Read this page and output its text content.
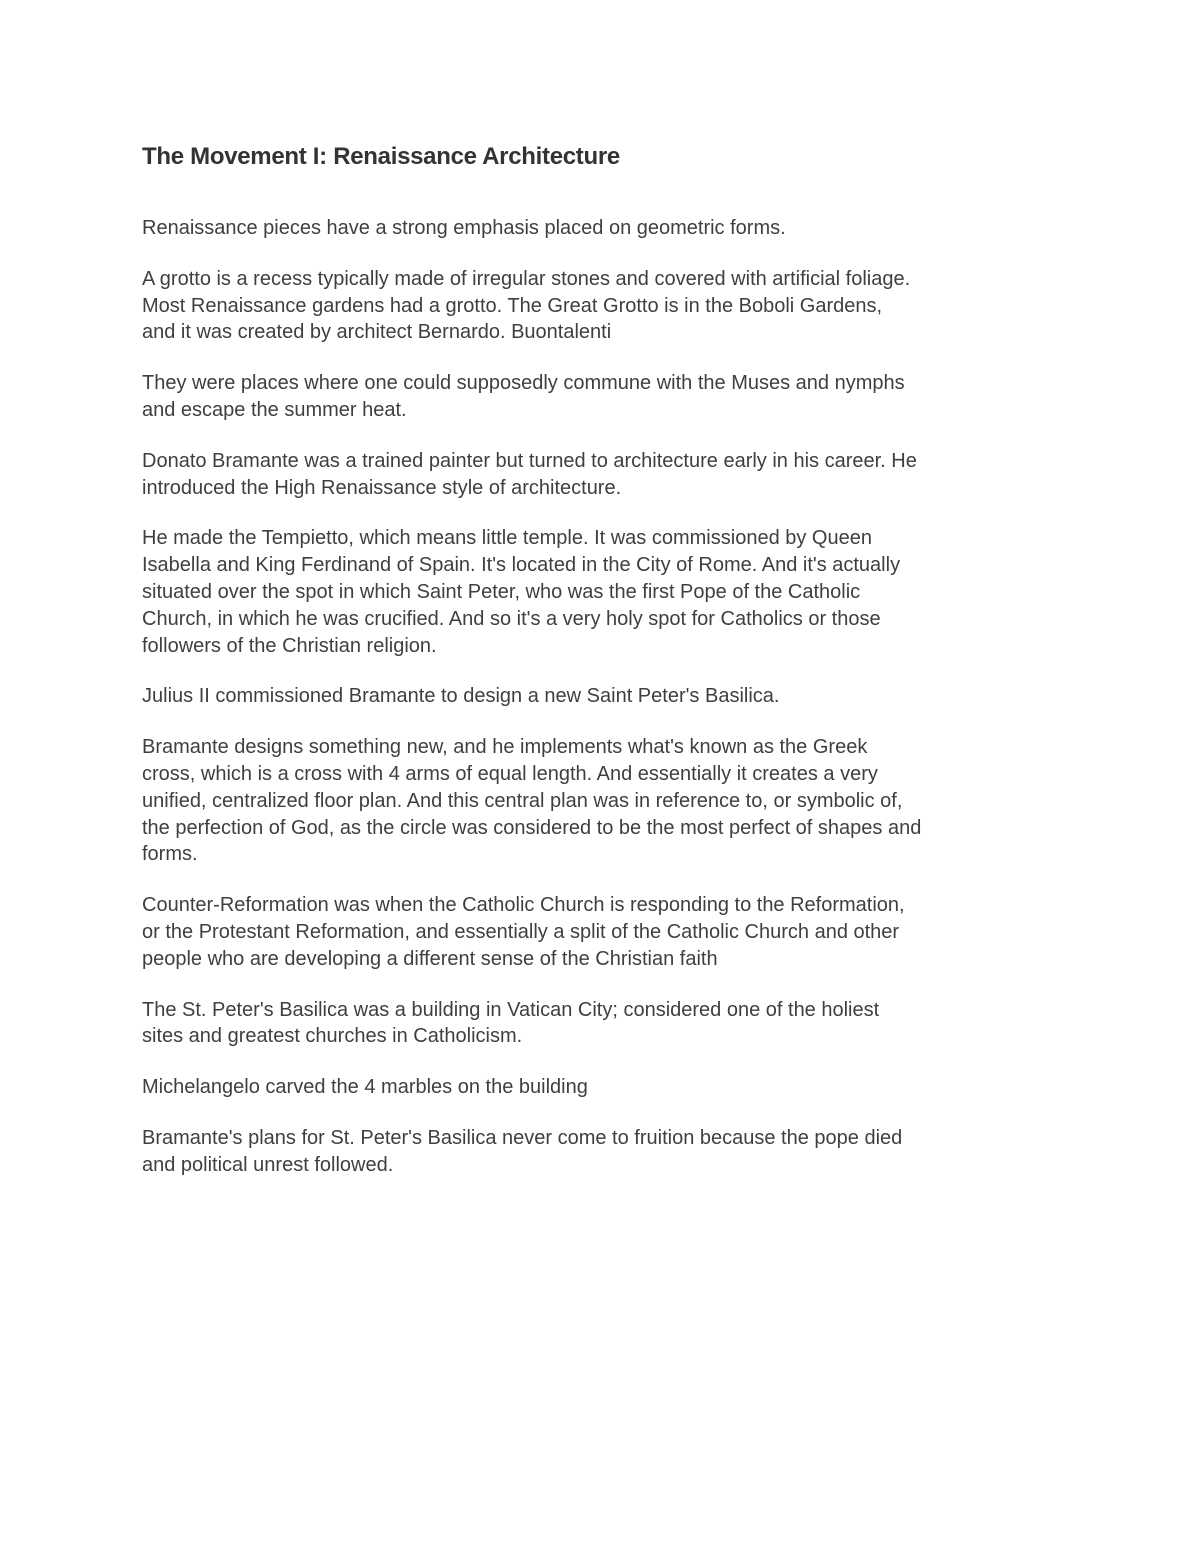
The Movement I: Renaissance Architecture

Renaissance pieces have a strong emphasis placed on geometric forms.

A grotto is a recess typically made of irregular stones and covered with artificial foliage.
Most Renaissance gardens had a grotto. The Great Grotto is in the Boboli Gardens,
and it was created by architect Bernardo. Buontalenti

They were places where one could supposedly commune with the Muses and nymphs
and escape the summer heat.

Donato Bramante was a trained painter but turned to architecture early in his career. He
introduced the High Renaissance style of architecture.

He made the Tempietto, which means little temple. It was commissioned by Queen
Isabella and King Ferdinand of Spain. It's located in the City of Rome. And it's actually
situated over the spot in which Saint Peter, who was the first Pope of the Catholic
Church, in which he was crucified. And so it's a very holy spot for Catholics or those
followers of the Christian religion.

Julius II commissioned Bramante to design a new Saint Peter's Basilica.

Bramante designs something new, and he implements what's known as the Greek
cross, which is a cross with 4 arms of equal length. And essentially it creates a very
unified, centralized floor plan. And this central plan was in reference to, or symbolic of,
the perfection of God, as the circle was considered to be the most perfect of shapes and
forms.

Counter-Reformation was when the Catholic Church is responding to the Reformation,
or the Protestant Reformation, and essentially a split of the Catholic Church and other
people who are developing a different sense of the Christian faith

The St. Peter's Basilica was a building in Vatican City; considered one of the holiest
sites and greatest churches in Catholicism.

Michelangelo carved the 4 marbles on the building

Bramante's plans for St. Peter's Basilica never come to fruition because the pope died
and political unrest followed.
